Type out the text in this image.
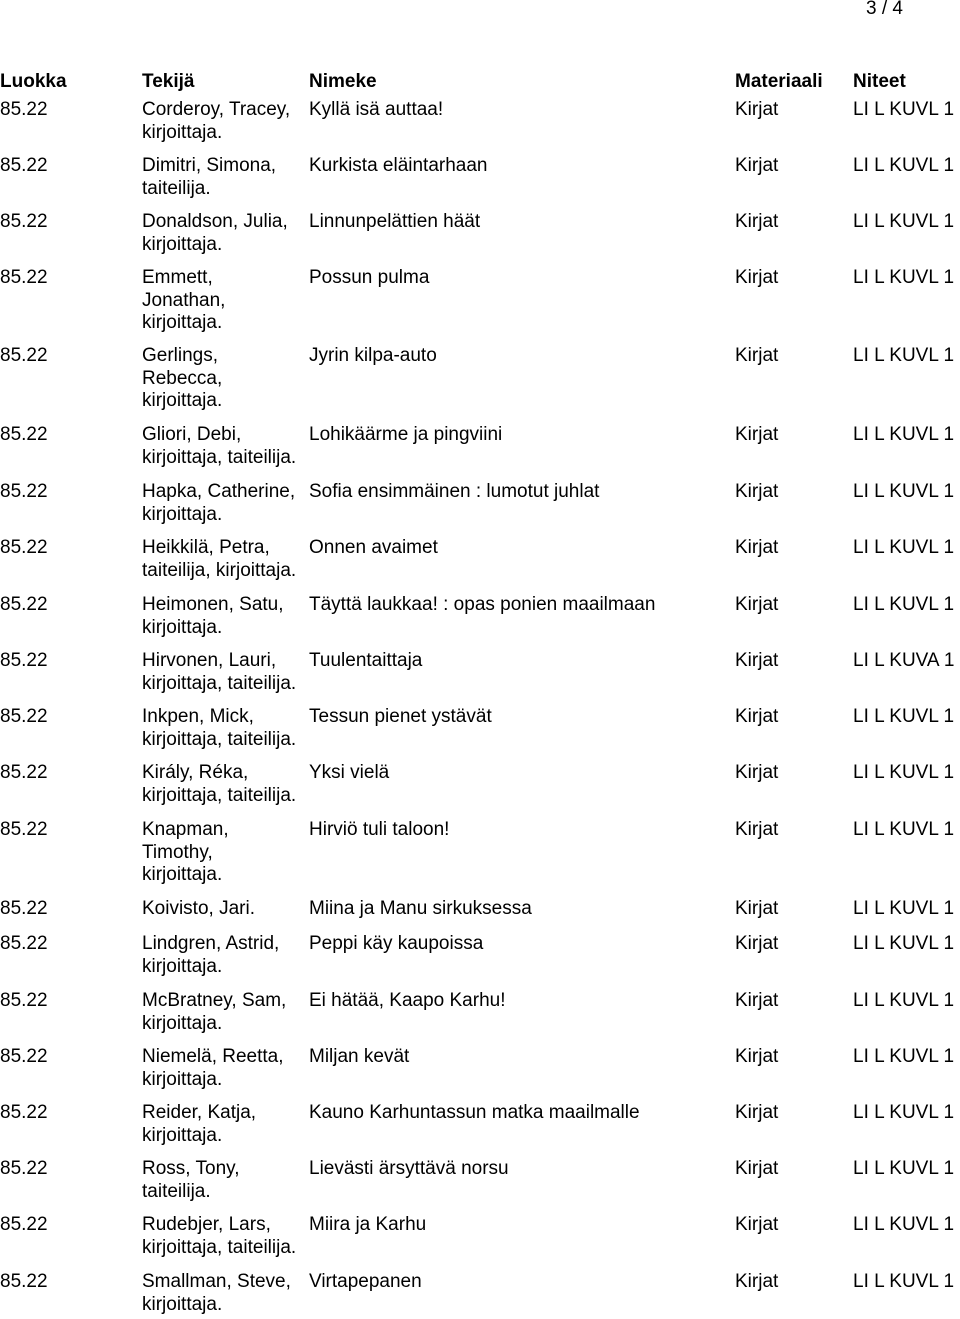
3 / 4
Luokka	Tekijä	Nimeke	Materiaali Niteet
85.22	Corderoy, Tracey,
kirjoittaja.
Kyllä isä auttaa!	Kirjat	LI L KUVL 1
85.22	Dimitri, Simona,
taiteilija.
Kurkista eläintarhaan	Kirjat	LI L KUVL 1
85.22	Donaldson, Julia,
kirjoittaja.
Linnunpelättien häät	Kirjat	LI L KUVL 1
85.22	Emmett,
Jonathan,
kirjoittaja.
Possun pulma	Kirjat	LI L KUVL 1
85.22	Gerlings,
Rebecca,
kirjoittaja.
Jyrin kilpa-auto	Kirjat	LI L KUVL 1
85.22	Gliori, Debi,
kirjoittaja, taiteilija.
Lohikäärme ja pingviini	Kirjat	LI L KUVL 1
85.22	Hapka, Catherine,
kirjoittaja.
Sofia ensimmäinen : lumotut juhlat	Kirjat	LI L KUVL 1
85.22	Heikkilä, Petra,
taiteilija, kirjoittaja.
Onnen avaimet	Kirjat	LI L KUVL 1
85.22	Heimonen, Satu,
kirjoittaja.
Täyttä laukkaa! : opas ponien maailmaan	Kirjat	LI L KUVL 1
85.22	Hirvonen, Lauri,
kirjoittaja, taiteilija.
Tuulentaittaja	Kirjat	LI L KUVA 1
85.22	Inkpen, Mick,
kirjoittaja, taiteilija.
Tessun pienet ystävät	Kirjat	LI L KUVL 1
85.22	Király, Réka,
kirjoittaja, taiteilija.
Yksi vielä	Kirjat	LI L KUVL 1
85.22	Knapman,
Timothy,
kirjoittaja.
Hirviö tuli taloon!	Kirjat	LI L KUVL 1
85.22	Koivisto, Jari.	Miina ja Manu sirkuksessa	Kirjat	LI L KUVL 1
85.22	Lindgren, Astrid,
kirjoittaja.
Peppi käy kaupoissa	Kirjat	LI L KUVL 1
85.22	McBratney, Sam,
kirjoittaja.
Ei hätää, Kaapo Karhu!	Kirjat	LI L KUVL 1
85.22	Niemelä, Reetta,
kirjoittaja.
Miljan kevät	Kirjat	LI L KUVL 1
85.22	Reider, Katja,
kirjoittaja.
Kauno Karhuntassun matka maailmalle	Kirjat	LI L KUVL 1
85.22	Ross, Tony,
taiteilija.
Lievästi ärsyttävä norsu	Kirjat	LI L KUVL 1
85.22	Rudebjer, Lars,
kirjoittaja, taiteilija.
Miira ja Karhu	Kirjat	LI L KUVL 1
85.22	Smallman, Steve,
kirjoittaja.
Virtapepanen	Kirjat	LI L KUVL 1
